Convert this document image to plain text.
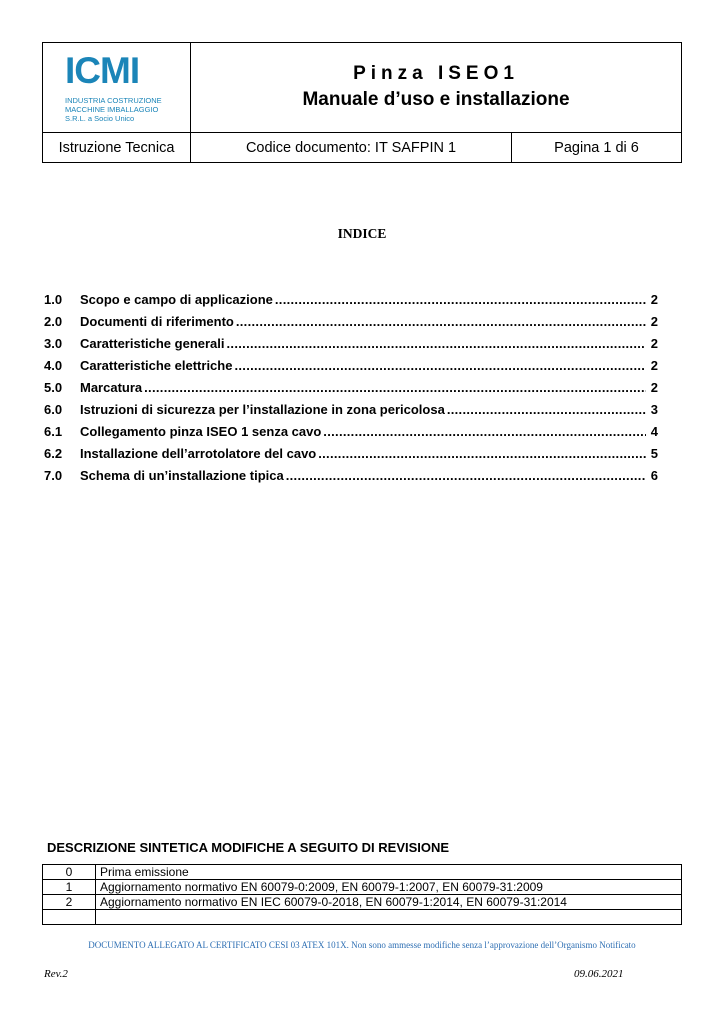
ICMI
INDUSTRIA COSTRUZIONE
MACCHINE IMBALLAGGIO
S.R.L. a Socio Unico
Pinza ISEO1
Manuale d’uso e installazione
Istruzione Tecnica	Codice documento: IT SAFPIN 1	Pagina 1 di 6
INDICE
1.0	Scopo e campo di applicazione .....	2
2.0	Documenti di riferimento .....	2
3.0	Caratteristiche generali .....	2
4.0	Caratteristiche elettriche .....	2
5.0	Marcatura .....	2
6.0	Istruzioni di sicurezza per l’installazione in zona pericolosa .....	3
6.1	Collegamento pinza ISEO 1 senza cavo .....	4
6.2	Installazione dell’arrotolatore del cavo .....	5
7.0	Schema di un’installazione tipica .....	6
DESCRIZIONE SINTETICA MODIFICHE A SEGUITO DI REVISIONE
0	Prima emissione
1	Aggiornamento normativo EN 60079-0:2009, EN 60079-1:2007, EN 60079-31:2009
2	Aggiornamento normativo EN IEC 60079-0-2018, EN 60079-1:2014, EN 60079-31:2014

DOCUMENTO ALLEGATO AL CERTIFICATO CESI 03 ATEX 101X. Non sono ammesse modifiche senza l’approvazione dell’Organismo Notificato
Rev.2	09.06.2021
